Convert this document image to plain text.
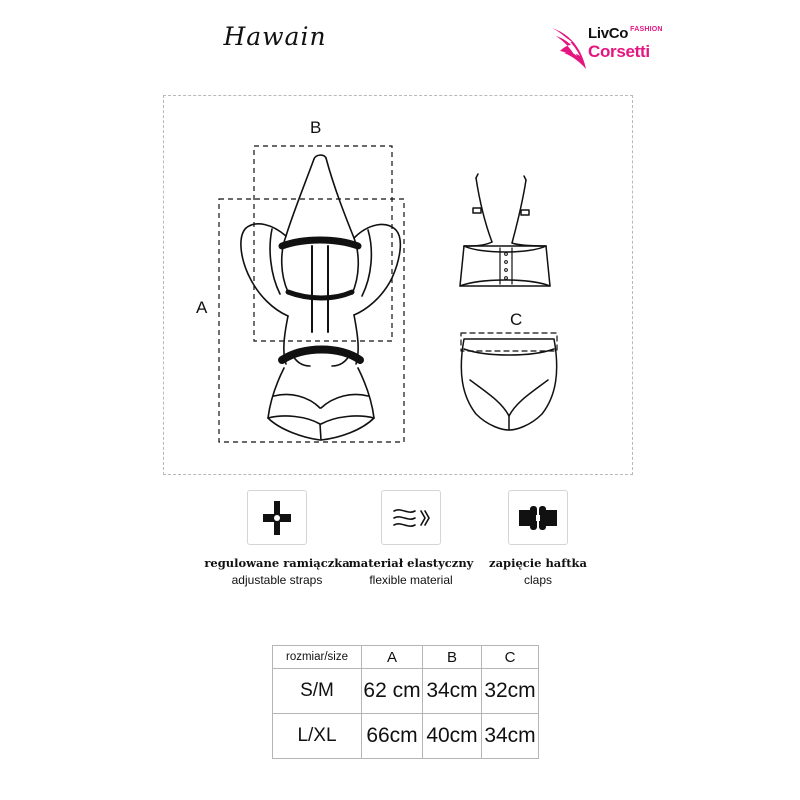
Hawain	LivCo $^{FASHION}$
Corsetti
B
A
C
regulowane ramiączka
adjustable straps
materiał elastyczny
flexible material
zapięcie haftka
claps
rozmiar/size	A	B	C
S/M	62 cm	34cm	32cm
L/XL	66cm	40cm	34cm
